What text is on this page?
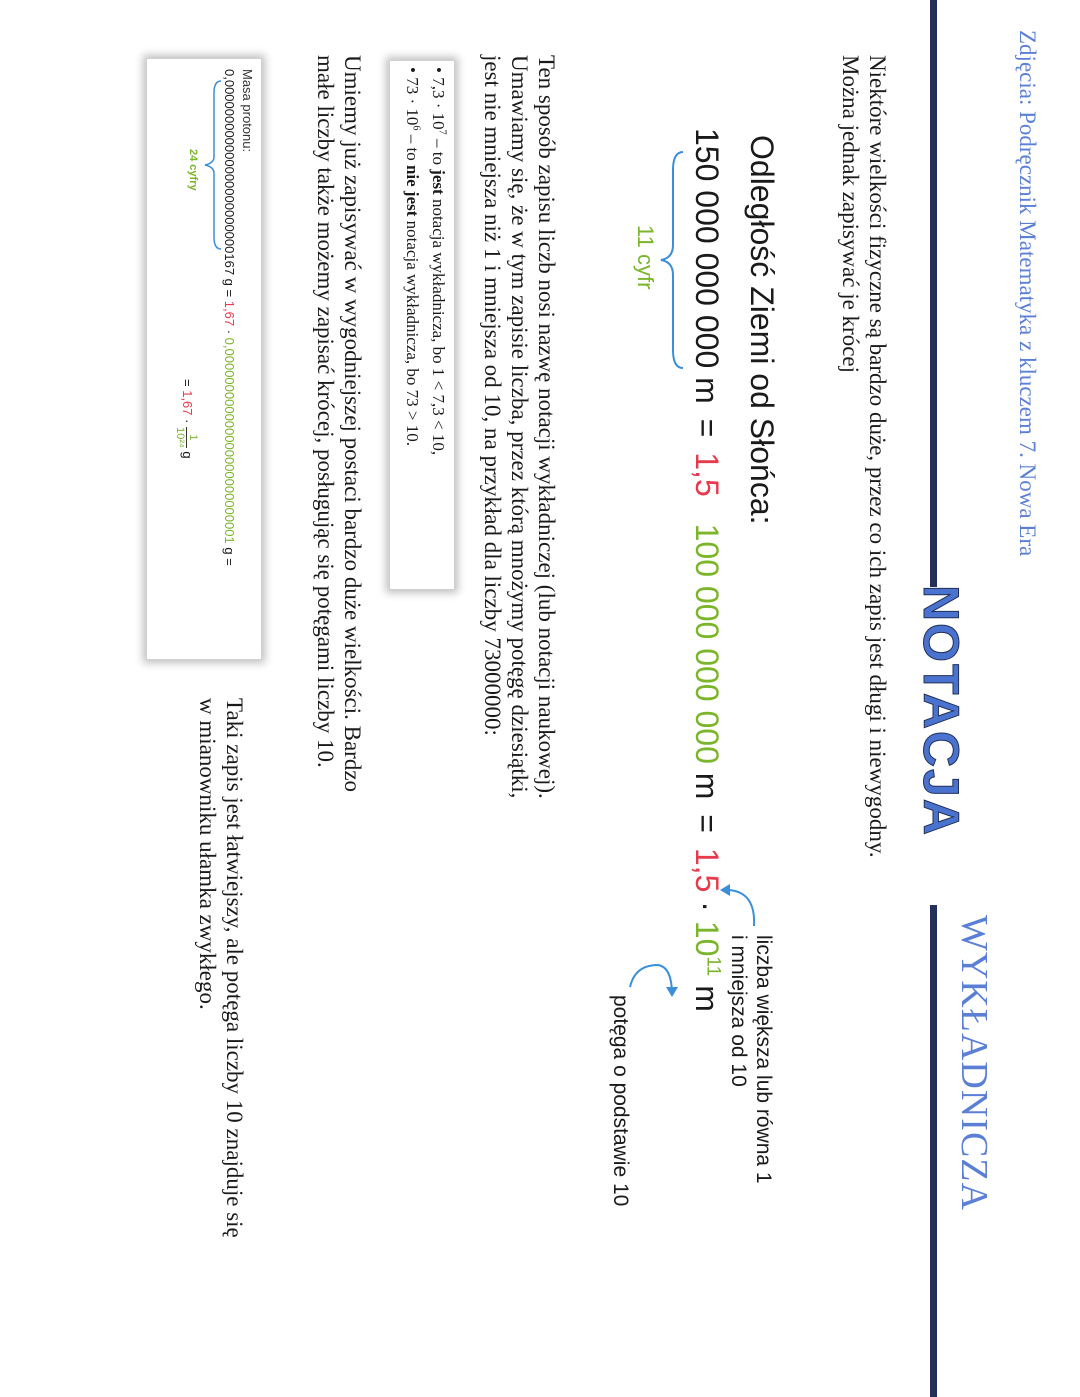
Zdjęcia: Podręcznik Matematyka z kluczem 7. Nowa Era
NOTACJA
WYKŁADNICZA
Niektóre wielkości fizyczne są bardzo duże, przez co ich zapis jest długi i niewygodny.
Można jednak zapisywać je krócej
Odległość Ziemi od Słońca:
150 000 000 000 m = 1,5 100 000 000 000 $m = 1,5 \cdot 10^{11}$ m
11 cyfr
liczba większa lub równa 1
i mniejsza od 10
potęga o podstawie 10
Ten sposób zapisu liczb nosi nazwę notacji wykładniczej (lub notacji naukowej).
Umawiamy się, że w tym zapisie liczba, przez którą mnożymy potęgę dziesiątki,
jest nie mniejsza niż 1 i mniejsza od 10, na przykład dla liczby 73000000:
• $7,3 \cdot 10^7$ – to jest notacja wykładnicza, bo 1 < 7,3 < 10,
• $73 \cdot 10^6$ – to nie jest notacja wykładnicza, bo 73 > 10.
Umiemy już zapisywać w wygodniejszej postaci bardzo duże wielkości. Bardzo
małe liczby także możemy zapisać krócej, posługując się potęgami liczby 10.
Masa protonu:
0,000000000000000000000000167 g = 1,67 · 0,000000000000000000000000001 g =
24 cyfry
= 1,67 ·
1
10²⁴
g
Taki zapis jest łatwiejszy, ale potęga liczby 10 znajduje się w mianowniku ułamka zwykłego.
